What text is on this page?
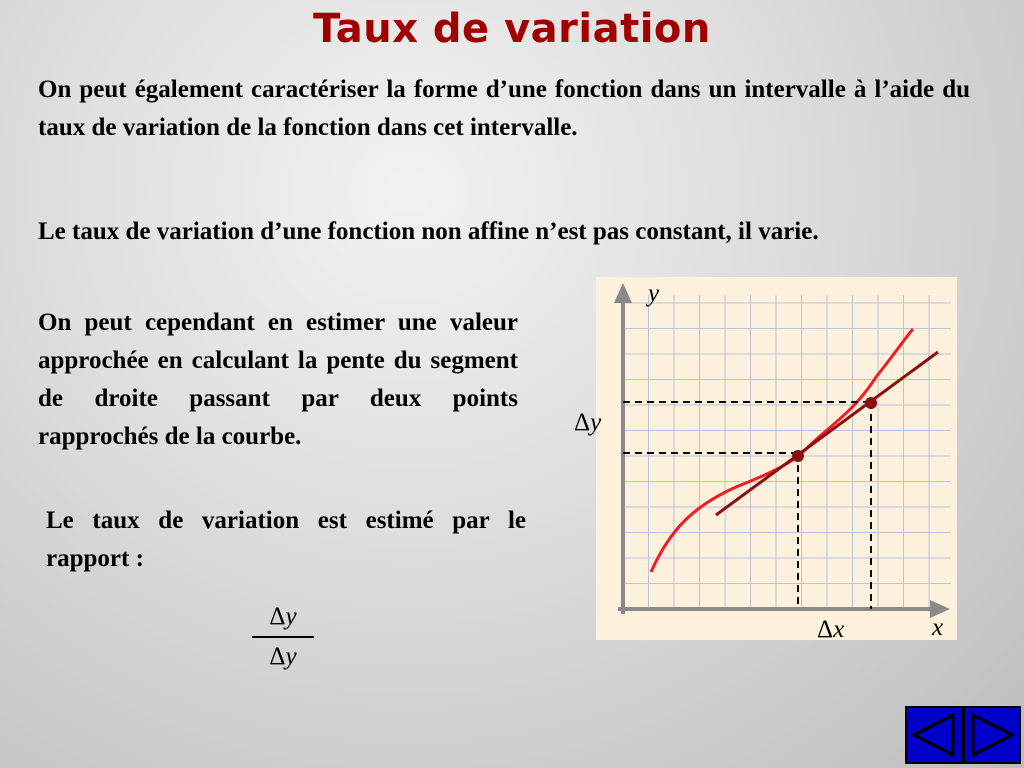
Taux de variation

On peut également caractériser la forme d’une fonction dans un intervalle à l’aide du taux de variation de la fonction dans cet intervalle.

Le taux de variation d’une fonction non affine n’est pas constant, il varie.

On peut cependant en estimer une valeur approchée en calculant la pente du segment de droite passant par deux points rapprochés de la courbe.

Le taux de variation est estimé par le rapport :

Δy
Δy
y
x
Δy
Δx
